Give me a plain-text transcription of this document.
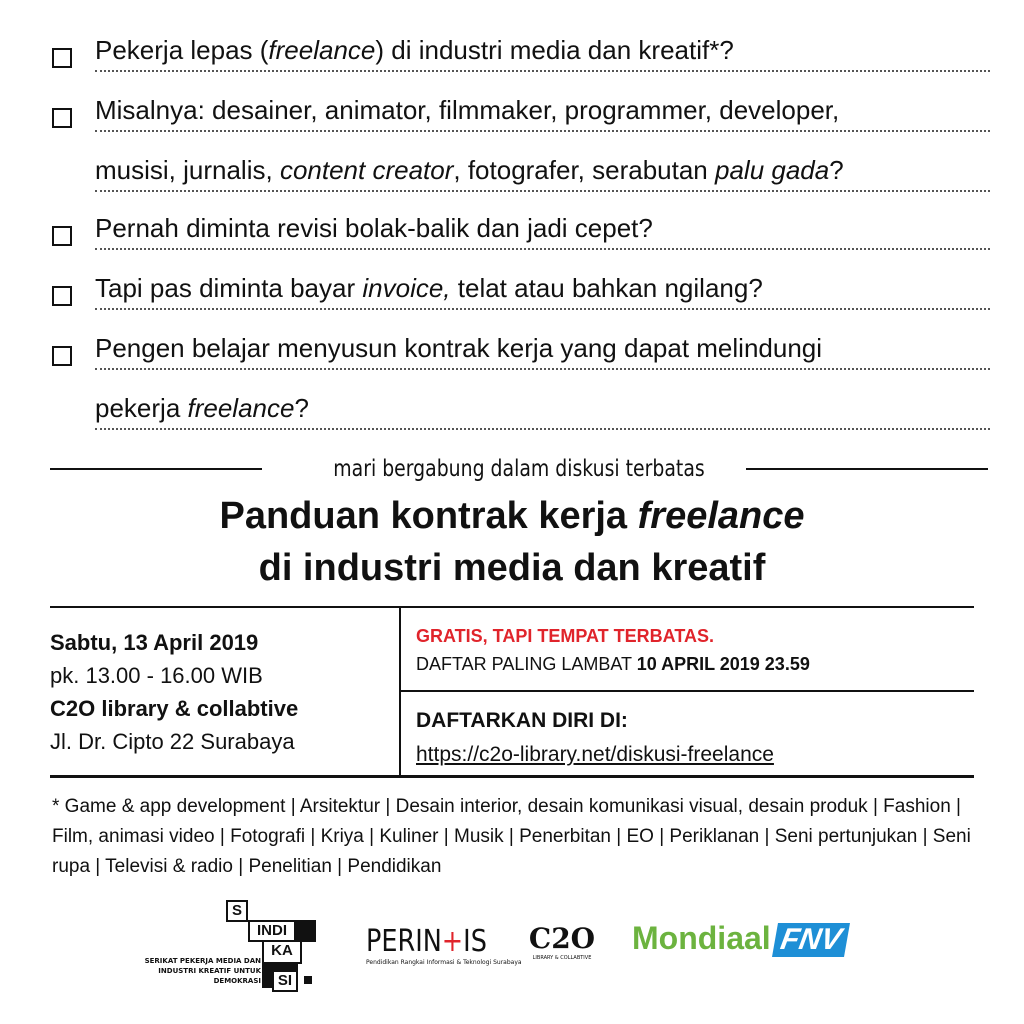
Pekerja lepas (freelance) di industri media dan kreatif*?
Misalnya: desainer, animator, filmmaker, programmer, developer,
musisi, jurnalis, content creator, fotografer, serabutan palu gada?
Pernah diminta revisi bolak-balik dan jadi cepet?
Tapi pas diminta bayar invoice, telat atau bahkan ngilang?
Pengen belajar menyusun kontrak kerja yang dapat melindungi
pekerja freelance?
mari bergabung dalam diskusi terbatas
Panduan kontrak kerja freelance
di industri media dan kreatif
Sabtu, 13 April 2019
pk. 13.00 - 16.00 WIB
C2O library & collabtive
Jl. Dr. Cipto 22 Surabaya
GRATIS, TAPI TEMPAT TERBATAS.
DAFTAR PALING LAMBAT 10 APRIL 2019 23.59
DAFTARKAN DIRI DI:
https://c2o-library.net/diskusi-freelance
* Game & app development | Arsitektur | Desain interior, desain komunikasi visual, desain produk | Fashion | Film, animasi video | Fotografi | Kriya | Kuliner | Musik | Penerbitan | EO | Periklanan | Seni pertunjukan | Seni rupa | Televisi & radio | Penelitian | Pendidikan
S
INDI
KA
SI
SERIKAT PEKERJA MEDIA DAN INDUSTRI KREATIF UNTUK DEMOKRASI
PERIN+IS
Pendidikan Rangkai Informasi & Teknologi Surabaya
C2O
LIBRARY & COLLABTIVE
Mondiaal FNV
